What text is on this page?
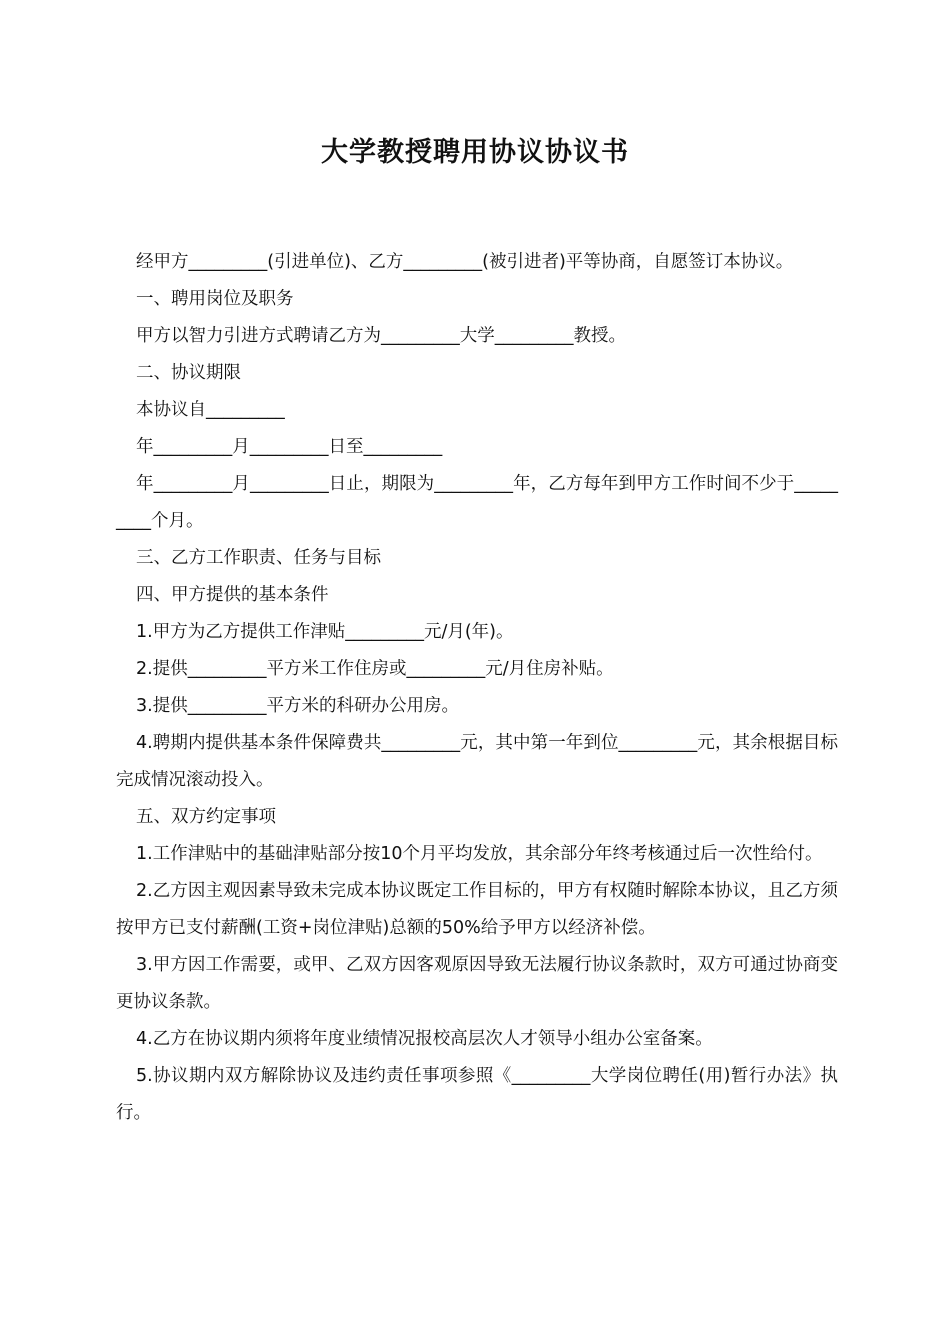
大学教授聘用协议协议书

经甲方_________(引进单位)、乙方_________(被引进者)平等协商，自愿签订本协议。

一、聘用岗位及职务

甲方以智力引进方式聘请乙方为_________大学_________教授。

二、协议期限

本协议自_________

年_________月_________日至_________

年_________月_________日止，期限为_________年，乙方每年到甲方工作时间不少于_________个月。

三、乙方工作职责、任务与目标

四、甲方提供的基本条件

1.甲方为乙方提供工作津贴_________元/月(年)。

2.提供_________平方米工作住房或_________元/月住房补贴。

3.提供_________平方米的科研办公用房。

4.聘期内提供基本条件保障费共_________元，其中第一年到位_________元，其余根据目标完成情况滚动投入。

五、双方约定事项

1.工作津贴中的基础津贴部分按10个月平均发放，其余部分年终考核通过后一次性给付。

2.乙方因主观因素导致未完成本协议既定工作目标的，甲方有权随时解除本协议，且乙方须按甲方已支付薪酬(工资+岗位津贴)总额的50%给予甲方以经济补偿。

3.甲方因工作需要，或甲、乙双方因客观原因导致无法履行协议条款时，双方可通过协商变更协议条款。

4.乙方在协议期内须将年度业绩情况报校高层次人才领导小组办公室备案。

5.协议期内双方解除协议及违约责任事项参照《_________大学岗位聘任(用)暂行办法》执行。
